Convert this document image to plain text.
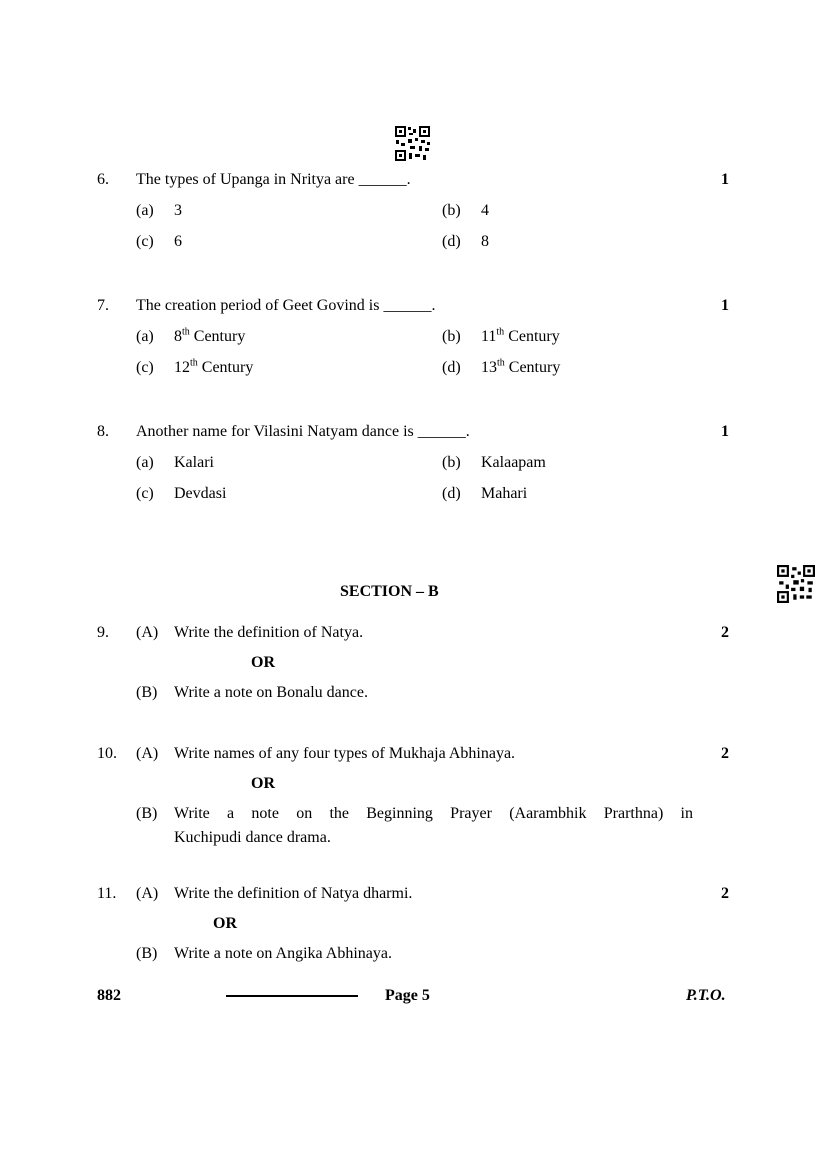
6. The types of Upanga in Nritya are ______.	1
(a) 3	(b) 4
(c) 6	(d) 8
7. The creation period of Geet Govind is ______.	1
(a) 8th Century	(b) 11th Century
(c) 12th Century	(d) 13th Century
8. Another name for Vilasini Natyam dance is ______.	1
(a) Kalari	(b) Kalaapam
(c) Devdasi	(d) Mahari
SECTION – B
9. (A) Write the definition of Natya.	2
OR
(B) Write a note on Bonalu dance.
10. (A) Write names of any four types of Mukhaja Abhinaya.	2
OR
(B) Write a note on the Beginning Prayer (Aarambhik Prarthna) in
Kuchipudi dance drama.
11. (A) Write the definition of Natya dharmi.	2
OR
(B) Write a note on Angika Abhinaya.
882	Page 5	P.T.O.
